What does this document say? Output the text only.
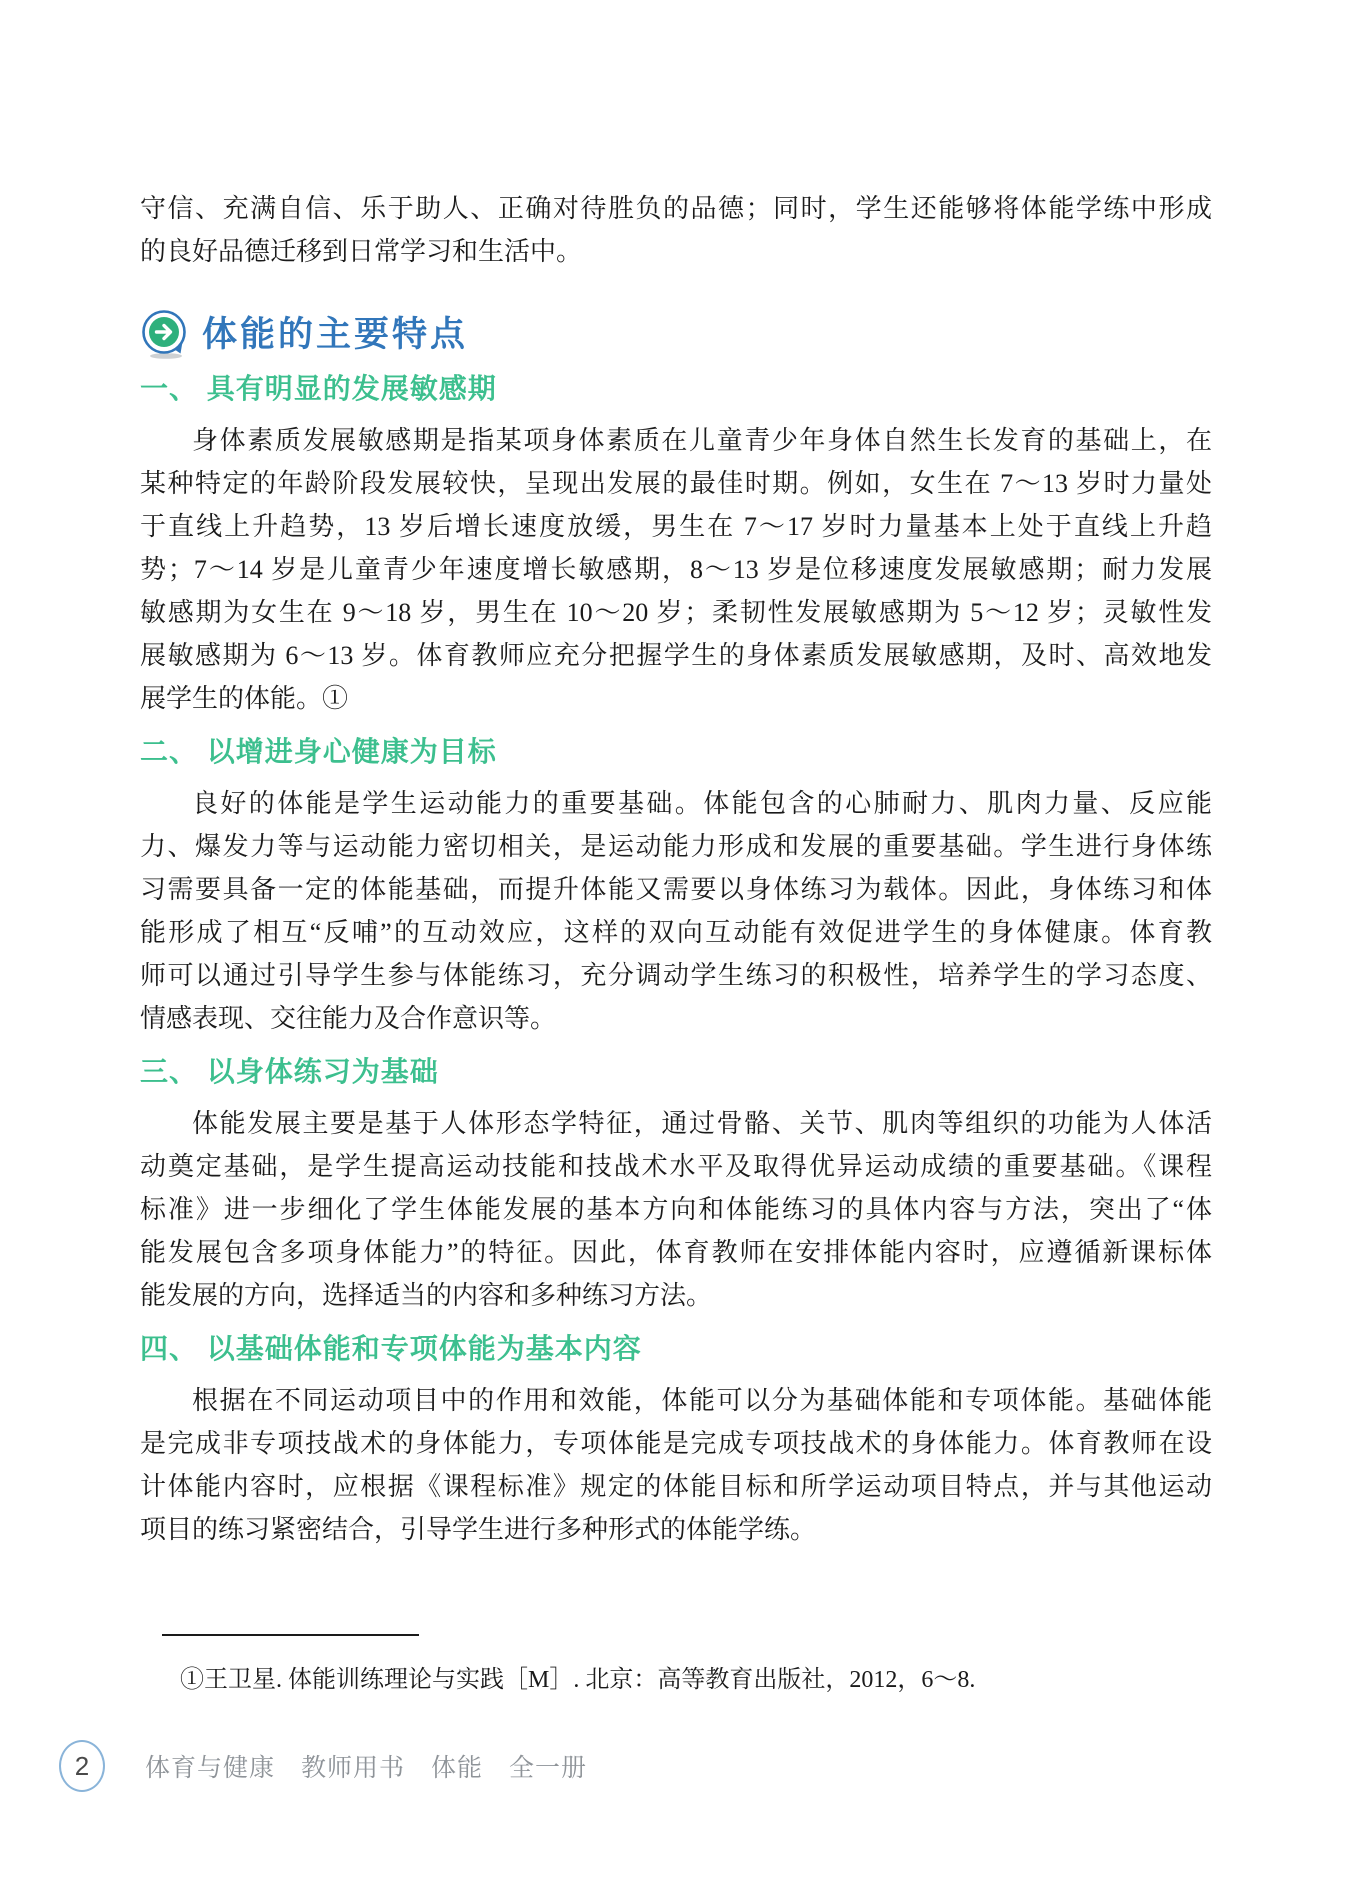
守信、充满自信、乐于助人、正确对待胜负的品德；同时，学生还能够将体能学练中形成
的良好品德迁移到日常学习和生活中。
体能的主要特点
一、 具有明显的发展敏感期
身体素质发展敏感期是指某项身体素质在儿童青少年身体自然生长发育的基础上，在
某种特定的年龄阶段发展较快，呈现出发展的最佳时期。例如，女生在 7～13 岁时力量处
于直线上升趋势，13 岁后增长速度放缓，男生在 7～17 岁时力量基本上处于直线上升趋
势；7～14 岁是儿童青少年速度增长敏感期，8～13 岁是位移速度发展敏感期；耐力发展
敏感期为女生在 9～18 岁，男生在 10～20 岁；柔韧性发展敏感期为 5～12 岁；灵敏性发
展敏感期为 6～13 岁。体育教师应充分把握学生的身体素质发展敏感期，及时、高效地发
展学生的体能。①
二、 以增进身心健康为目标
良好的体能是学生运动能力的重要基础。体能包含的心肺耐力、肌肉力量、反应能
力、爆发力等与运动能力密切相关，是运动能力形成和发展的重要基础。学生进行身体练
习需要具备一定的体能基础，而提升体能又需要以身体练习为载体。因此，身体练习和体
能形成了相互“反哺”的互动效应，这样的双向互动能有效促进学生的身体健康。体育教
师可以通过引导学生参与体能练习，充分调动学生练习的积极性，培养学生的学习态度、
情感表现、交往能力及合作意识等。
三、 以身体练习为基础
体能发展主要是基于人体形态学特征，通过骨骼、关节、肌肉等组织的功能为人体活
动奠定基础，是学生提高运动技能和技战术水平及取得优异运动成绩的重要基础。《课程
标准》进一步细化了学生体能发展的基本方向和体能练习的具体内容与方法，突出了“体
能发展包含多项身体能力”的特征。因此，体育教师在安排体能内容时，应遵循新课标体
能发展的方向，选择适当的内容和多种练习方法。
四、 以基础体能和专项体能为基本内容
根据在不同运动项目中的作用和效能，体能可以分为基础体能和专项体能。基础体能
是完成非专项技战术的身体能力，专项体能是完成专项技战术的身体能力。体育教师在设
计体能内容时，应根据《课程标准》规定的体能目标和所学运动项目特点，并与其他运动
项目的练习紧密结合，引导学生进行多种形式的体能学练。
①王卫星. 体能训练理论与实践［M］. 北京：高等教育出版社，2012，6～8.
2 体育与健康　教师用书　体能　全一册
